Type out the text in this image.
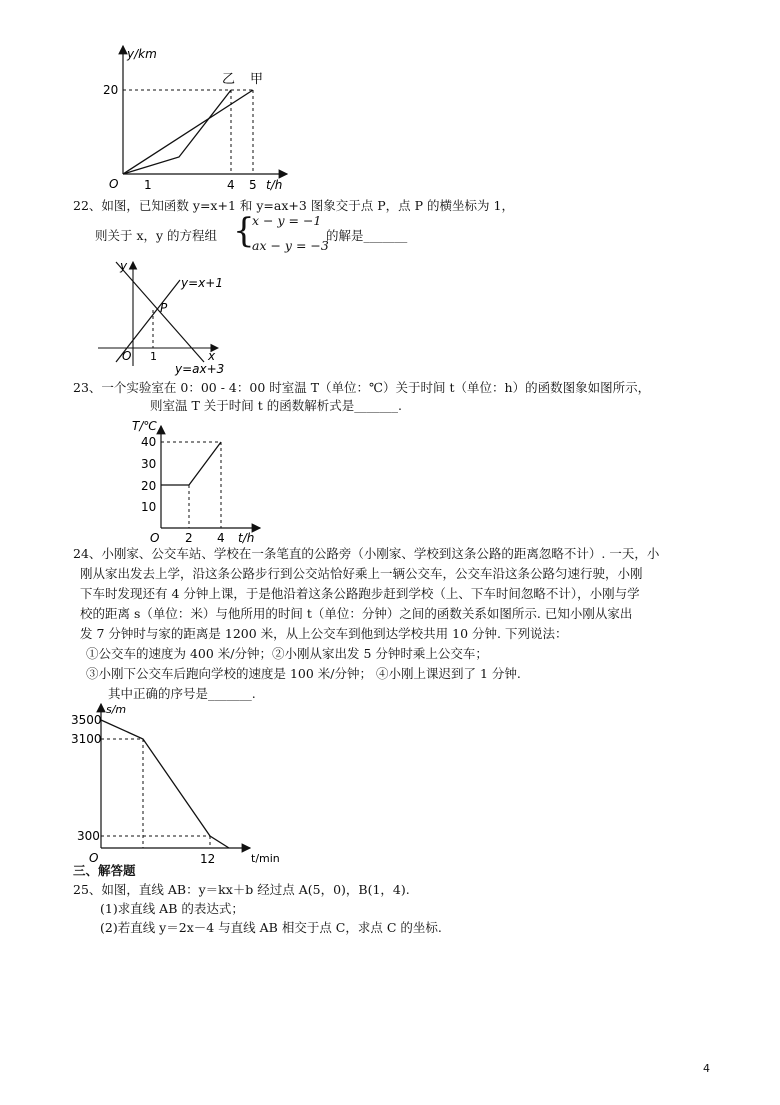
y/km
20
O 1	4 5 t/h
乙 甲
22、如图，已知函数 y=x+1 和 y=ax+3 图象交于点 P，点 P 的横坐标为 1，
则关于 x，y 的方程组 {
x − y = −1
ax − y = −3
的解是_______
y
x
O 1
P
y=x+1
y=ax+3
23、一个实验室在 0：00 - 4：00 时室温 T（单位：℃）关于时间 t（单位：h）的函数图象如图所示，
则室温 T 关于时间 t 的函数解析式是_______.
T/℃
40
30
20
10
O 2 4 t/h
24、小刚家、公交车站、学校在一条笔直的公路旁（小刚家、学校到这条公路的距离忽略不计）. 一天，小
刚从家出发去上学，沿这条公路步行到公交站恰好乘上一辆公交车，公交车沿这条公路匀速行驶，小刚
下车时发现还有 4 分钟上课，于是他沿着这条公路跑步赶到学校（上、下车时间忽略不计），小刚与学
校的距离 s（单位：米）与他所用的时间 t（单位：分钟）之间的函数关系如图所示. 已知小刚从家出
发 7 分钟时与家的距离是 1200 米，从上公交车到他到达学校共用 10 分钟. 下列说法：
①公交车的速度为 400 米/分钟；②小刚从家出发 5 分钟时乘上公交车；
③小刚下公交车后跑向学校的速度是 100 米/分钟； ④小刚上课迟到了 1 分钟.
其中正确的序号是_______.
s/m
3500
3100
300
O	12	t/min
三、解答题
25、如图，直线 AB：y＝kx＋b 经过点 A(5，0)，B(1，4).
(1)求直线 AB 的表达式；
(2)若直线 y＝2x－4 与直线 AB 相交于点 C，求点 C 的坐标.
4
